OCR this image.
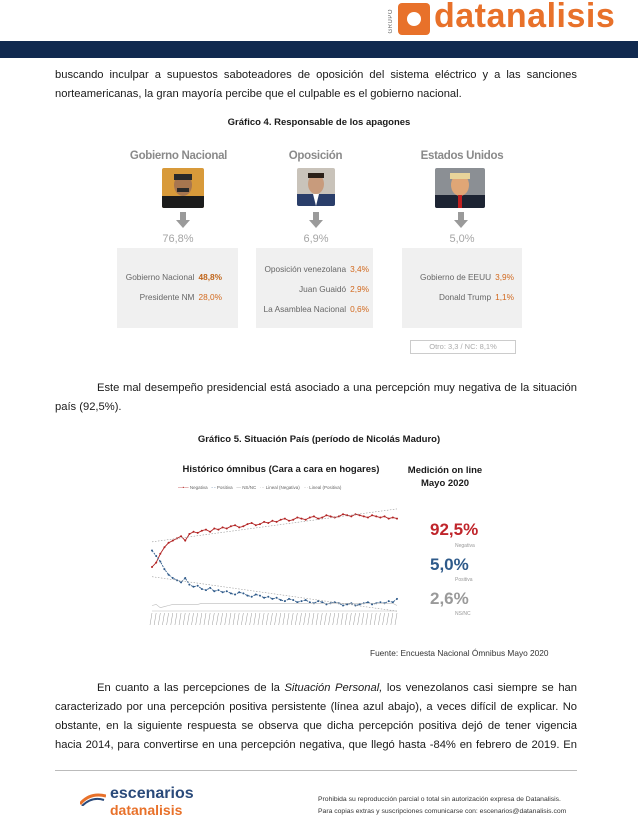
GRUPO datanalisis
buscando inculpar a supuestos saboteadores de oposición del sistema eléctrico y a las sanciones
norteamericanas, la gran mayoría percibe que el culpable es el gobierno nacional.
Gráfico 4. Responsable de los apagones
Gobierno Nacional	Oposición	Estados Unidos
76,8%	6,9%	5,0%
Gobierno Nacional 48,8%
Presidente NM 28,0%
Oposición venezolana 3,4%
Juan Guaidó 2,9%
La Asamblea Nacional 0,6%
Gobierno de EEUU 3,9%
Donald Trump 1,1%
Otro: 3,3 / NC: 8,1%
Este mal desempeño presidencial está asociado a una percepción muy negativa de la situación
país (92,5%).
Gráfico 5. Situación País (período de Nicolás Maduro)
Histórico ómnibus (Cara a cara en hogares)	Medición on line Mayo 2020
—•— Negativa - - Positiva — NS/NC ··· Lineal (Negativa) ··· Lineal (Positiva)
92,5%
Negativa
5,0%
Positiva
2,6%
NS/NC
Fuente: Encuesta Nacional Ómnibus Mayo 2020
En cuanto a las percepciones de la Situación Personal, los venezolanos casi siempre se han
caracterizado por una percepción positiva persistente (línea azul abajo), a veces difícil de explicar. No
obstante, en la siguiente respuesta se observa que dicha percepción positiva dejó de tener vigencia
hacia 2014, para convertirse en una percepción negativa, que llegó hasta -84% en febrero de 2019. En
escenarios
datanalisis
Prohibida su reproducción parcial o total sin autorización expresa de Datanalisis.
Para copias extras y suscripciones comunicarse con: escenarios@datanalisis.com
